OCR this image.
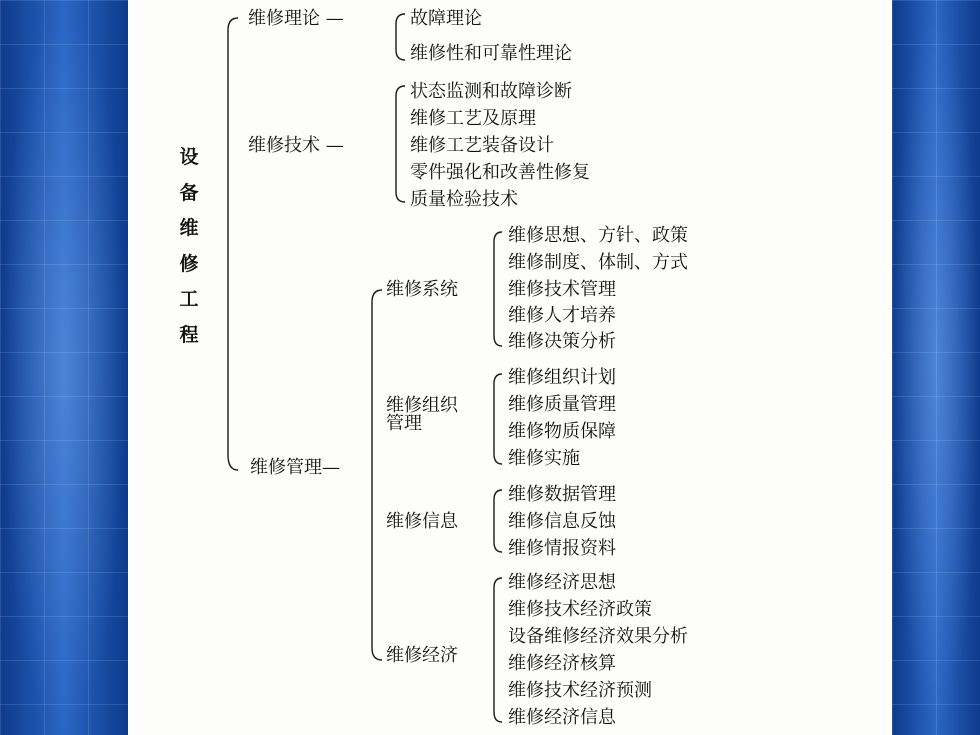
设备维修工程
维修理论 —
维修技术 —
维修管理—
故障理论
维修性和可靠性理论
状态监测和故障诊断
维修工艺及原理
维修工艺装备设计
零件强化和改善性修复
质量检验技术
维修系统
维修组织
管理
维修信息
维修经济
维修思想、方针、政策
维修制度、体制、方式
维修技术管理
维修人才培养
维修决策分析
维修组织计划
维修质量管理
维修物质保障
维修实施
维修数据管理
维修信息反蚀
维修情报资料
维修经济思想
维修技术经济政策
设备维修经济效果分析
维修经济核算
维修技术经济预测
维修经济信息
